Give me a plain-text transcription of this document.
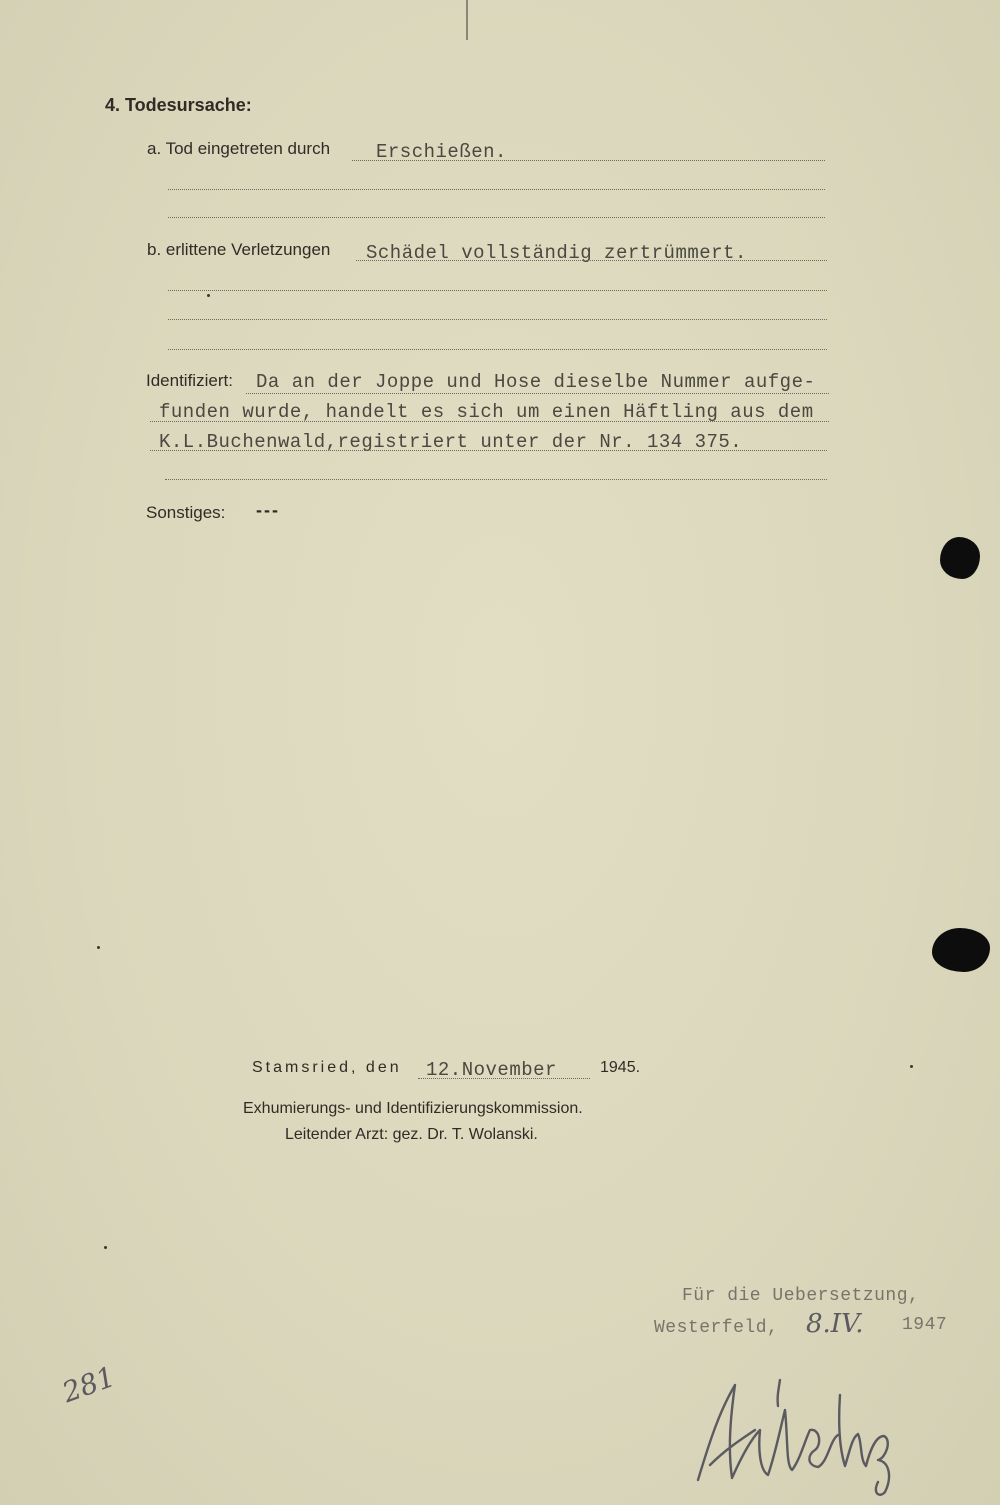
4. Todesursache:
a. Tod eingetreten durch Erschießen.
b. erlittene Verletzungen Schädel vollständig zertrümmert.
Identifiziert: Da an der Joppe und Hose dieselbe Nummer aufge-
funden wurde, handelt es sich um einen Häftling aus dem
K.L.Buchenwald,registriert unter der Nr. 134 375.
Sonstiges: ---
Stamsried, den 12.November	1945.
Exhumierungs- und Identifizierungskommission.
Leitender Arzt: gez. Dr. T. Wolanski.
Für die Uebersetzung,
Westerfeld, 8.IV. 1947
281
